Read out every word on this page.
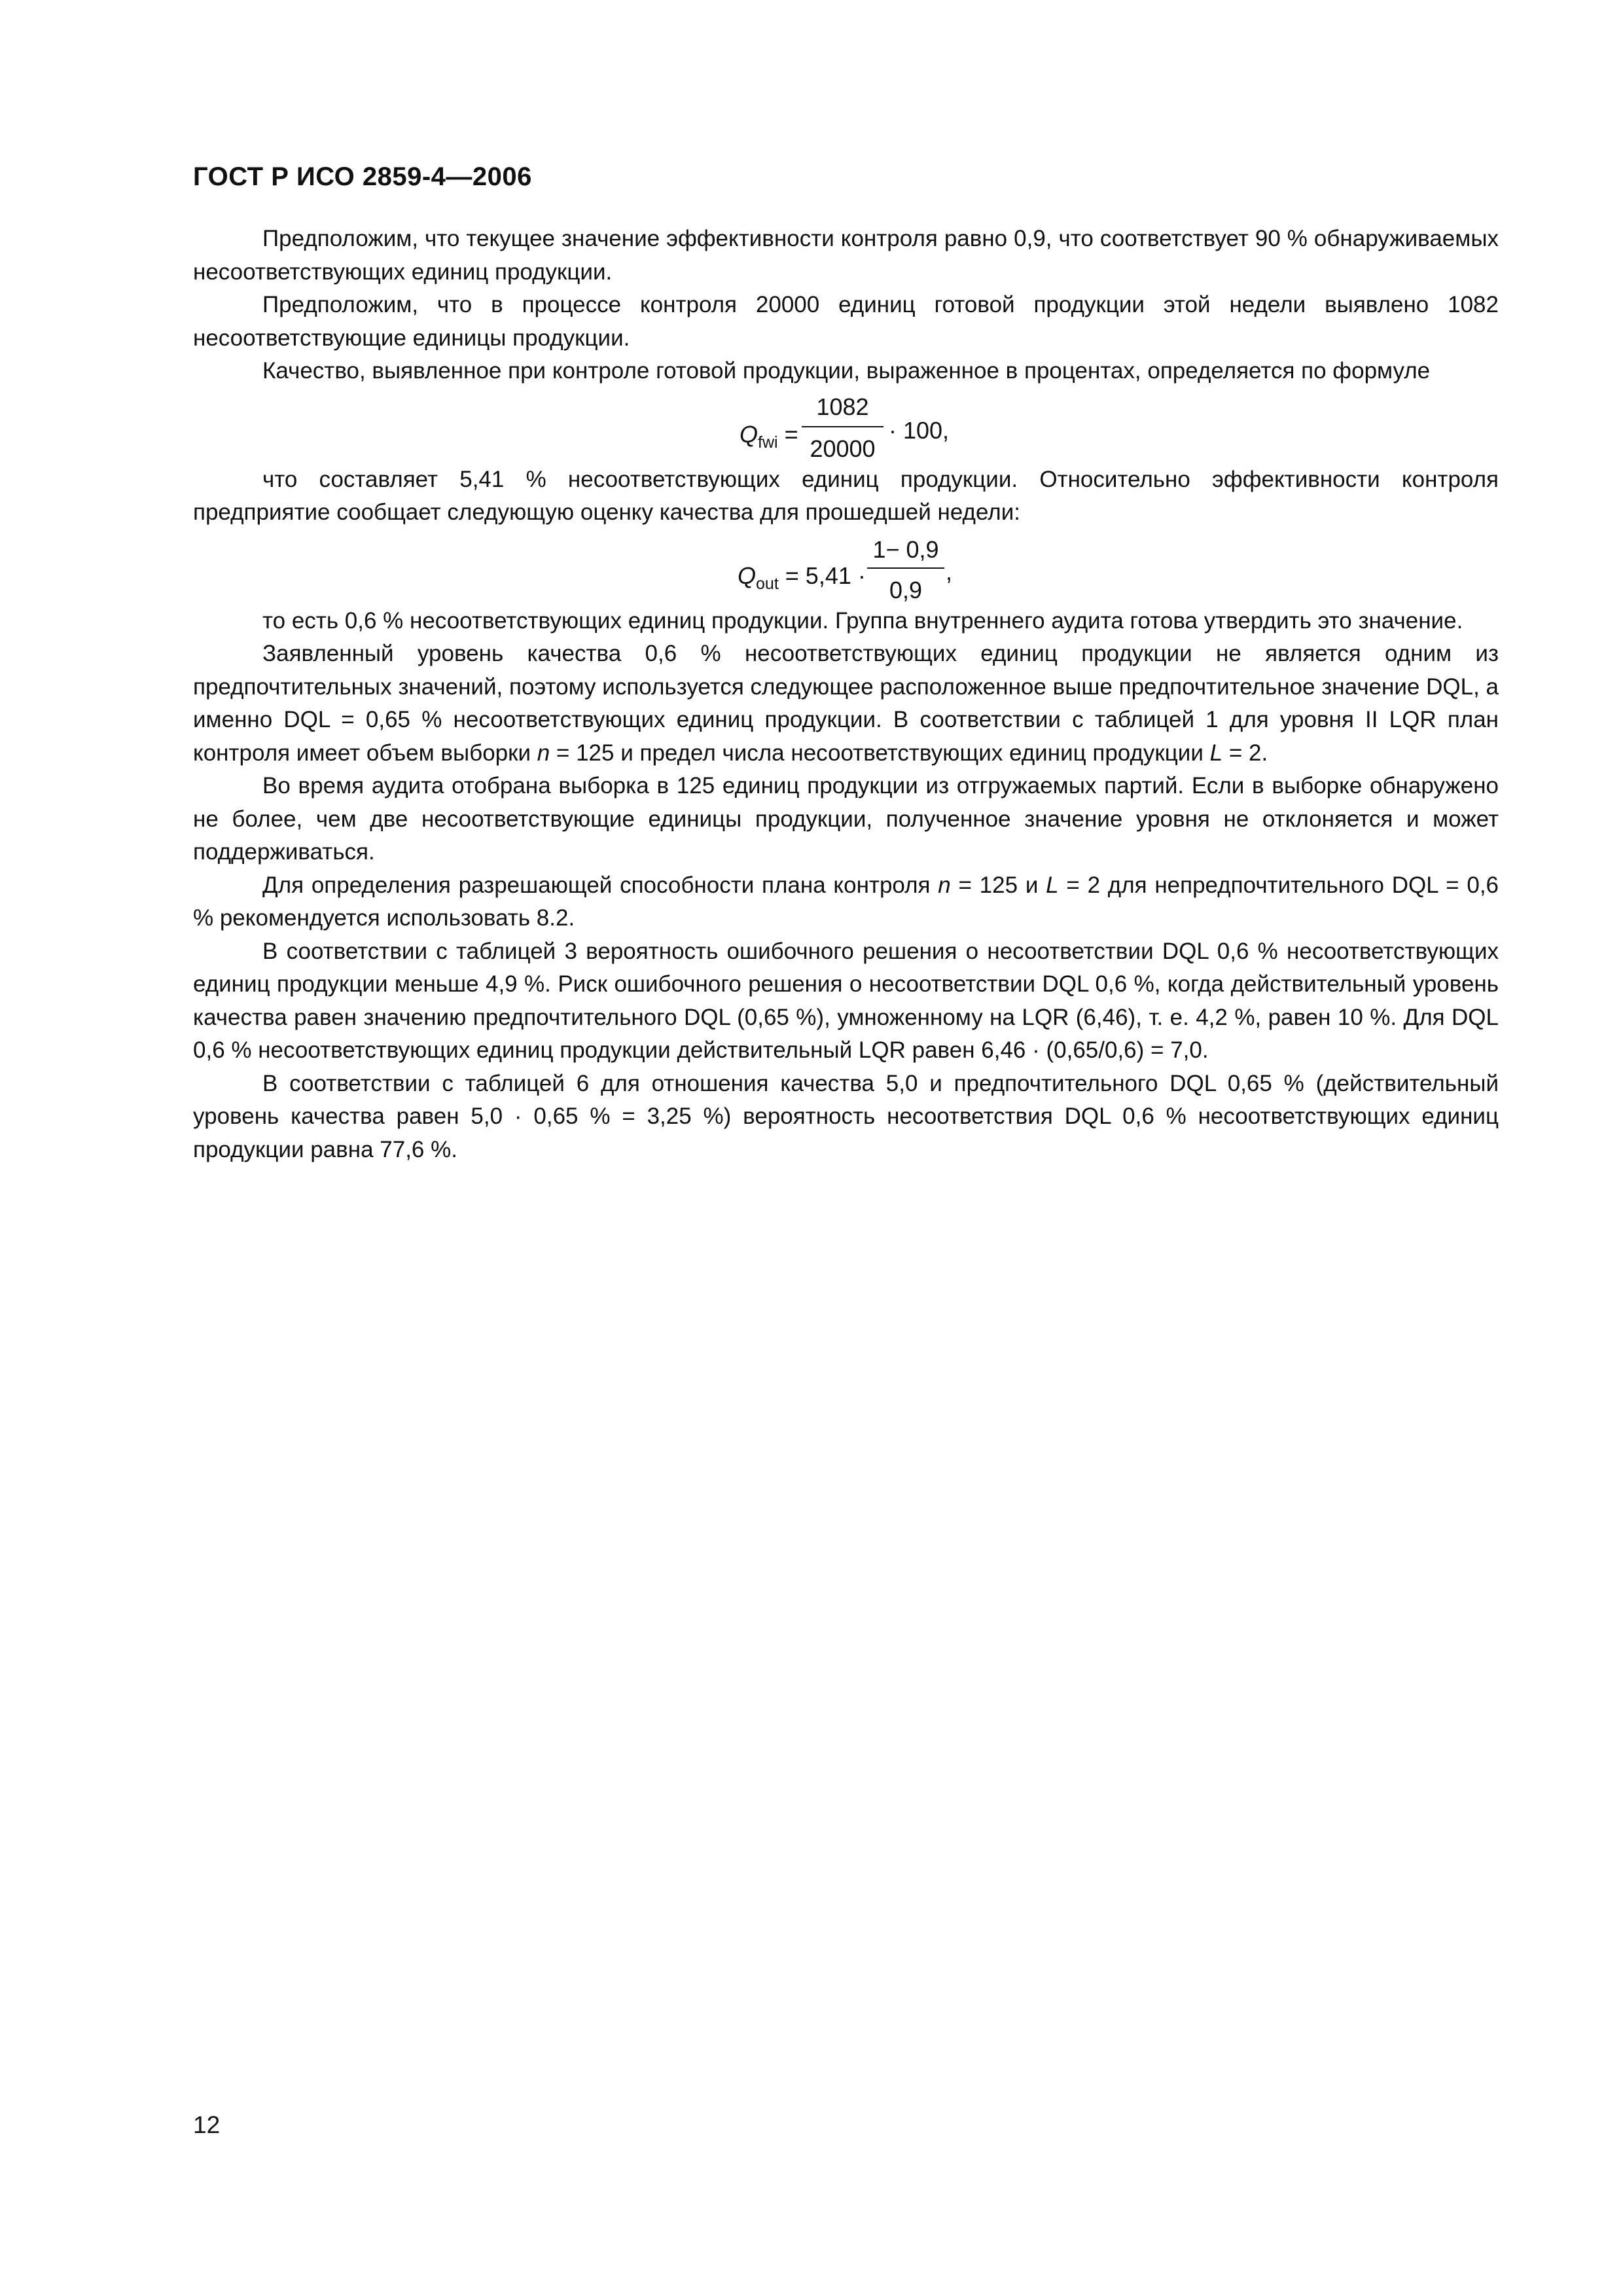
ГОСТ Р ИСО 2859-4—2006

Предположим, что текущее значение эффективности контроля равно 0,9, что соответствует 90 % обнаруживаемых несоответствующих единиц продукции.

Предположим, что в процессе контроля 20000 единиц готовой продукции этой недели выявлено 1082 несоответствующие единицы продукции.

Качество, выявленное при контроле готовой продукции, выраженное в процентах, определяется по формуле

$Q_{fwi}$ =
1082
20000
· 100,

что составляет 5,41 % несоответствующих единиц продукции. Относительно эффективности контроля предприятие сообщает следующую оценку качества для прошедшей недели:

$Q_{out} = 5,41$ ·
1− 0,9
0,9
,

то есть 0,6 % несоответствующих единиц продукции. Группа внутреннего аудита готова утвердить это значение.

Заявленный уровень качества 0,6 % несоответствующих единиц продукции не является одним из предпочтительных значений, поэтому используется следующее расположенное выше предпочтительное значение DQL, а именно DQL = 0,65 % несоответствующих единиц продукции. В соответствии с таблицей 1 для уровня II LQR план контроля имеет объем выборки n = 125 и предел числа несоответствующих единиц продукции L = 2.

Во время аудита отобрана выборка в 125 единиц продукции из отгружаемых партий. Если в выборке обнаружено не более, чем две несоответствующие единицы продукции, полученное значение уровня не отклоняется и может поддерживаться.

Для определения разрешающей способности плана контроля n = 125 и L = 2 для непредпочтительного DQL = 0,6 % рекомендуется использовать 8.2.

В соответствии с таблицей 3 вероятность ошибочного решения о несоответствии DQL 0,6 % несоответствующих единиц продукции меньше 4,9 %. Риск ошибочного решения о несоответствии DQL 0,6 %, когда действительный уровень качества равен значению предпочтительного DQL (0,65 %), умноженному на LQR (6,46), т. е. 4,2 %, равен 10 %. Для DQL 0,6 % несоответствующих единиц продукции действительный LQR равен 6,46 · (0,65/0,6) = 7,0.

В соответствии с таблицей 6 для отношения качества 5,0 и предпочтительного DQL 0,65 % (действительный уровень качества равен 5,0 · 0,65 % = 3,25 %) вероятность несоответствия DQL 0,6 % несоответствующих единиц продукции равна 77,6 %.

12
